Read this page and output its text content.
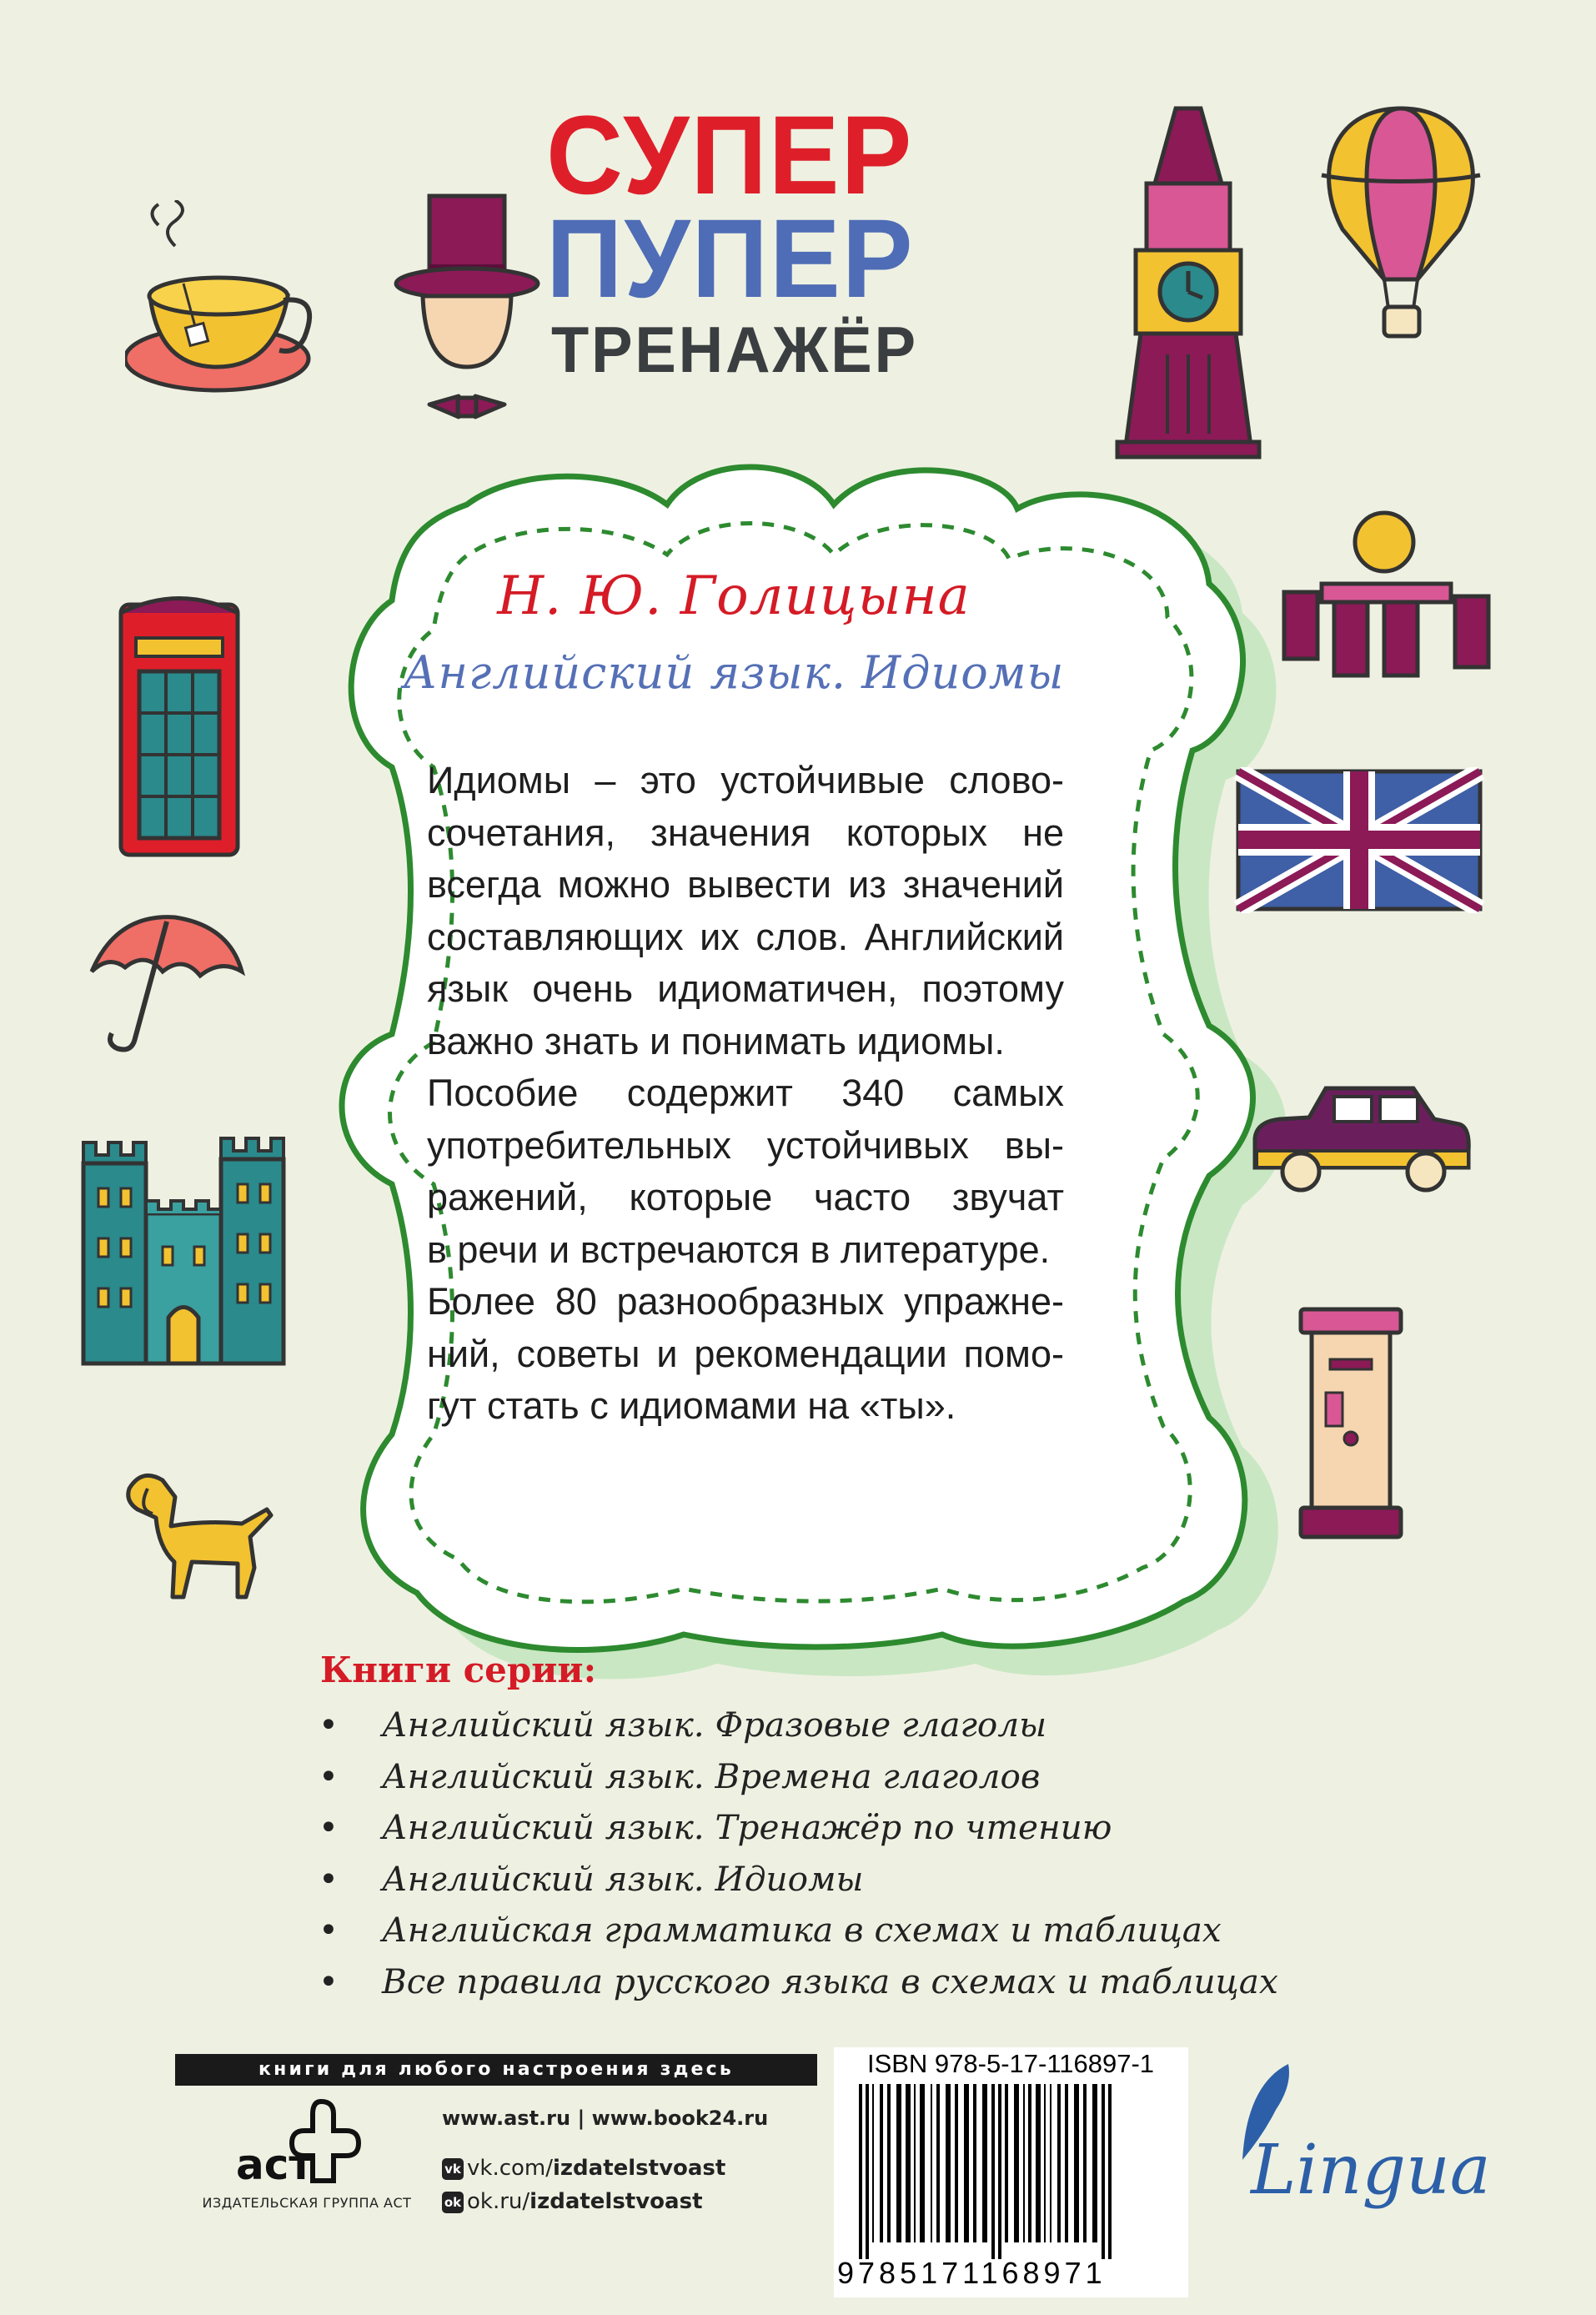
СУПЕР
ПУПЕР
ТРЕНАЖЁР
Н. Ю. Голицына
Английский язык. Идиомы
Идиомы – это устойчивые слово-
сочетания, значения которых не
всегда можно вывести из значений
составляющих их слов. Английский
язык очень идиоматичен, поэтому
важно знать и понимать идиомы.
Пособие содержит 340 самых
употребительных устойчивых вы-
ражений, которые часто звучат
в речи и встречаются в литературе.
Более 80 разнообразных упражне-
ний, советы и рекомендации помо-
гут стать с идиомами на «ты».
Книги серии:
• Английский язык. Фразовые глаголы
• Английский язык. Времена глаголов
• Английский язык. Тренажёр по чтению
• Английский язык. Идиомы
• Английская грамматика в схемах и таблицах
• Все правила русского языка в схемах и таблицах
книги для любого настроения здесь
аст
ИЗДАТЕЛЬСКАЯ ГРУППА АСТ
www.ast.ru | www.book24.ru
vk vk.com/izdatelstvoast
ok ok.ru/izdatelstvoast
ISBN 978-5-17-116897-1
9785171168971
Lingua
